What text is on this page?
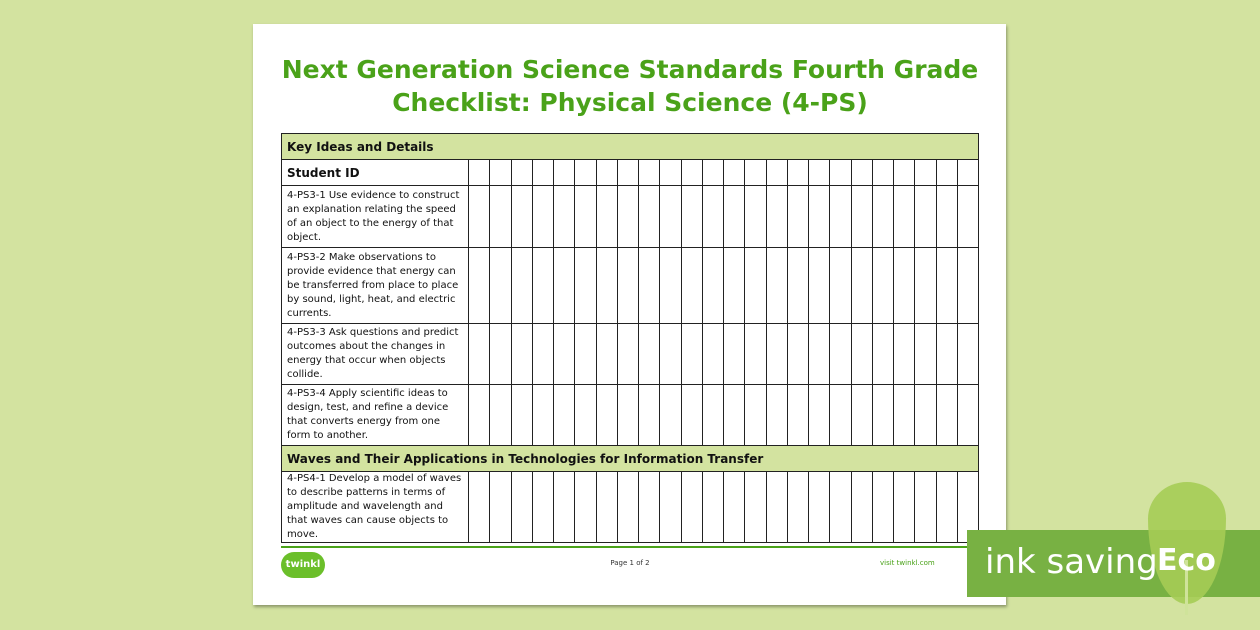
Next Generation Science Standards Fourth Grade
Checklist: Physical Science (4-PS)
Key Ideas and Details																								
Student ID																								
4-PS3-1 Use evidence to construct an explanation relating the speed of an object to the energy of that object.																								
4-PS3-2 Make observations to provide evidence that energy can be transferred from place to place by sound, light, heat, and electric currents.																								
4-PS3-3 Ask questions and predict outcomes about the changes in energy that occur when objects collide.																								
4-PS3-4 Apply scientific ideas to design, test, and refine a device that converts energy from one form to another.																								
Waves and Their Applications in Technologies for Information Transfer																								
4-PS4-1 Develop a model of waves to describe patterns in terms of amplitude and wavelength and that waves can cause objects to move.																								
twinkl	Page 1 of 2	visit twinkl.com ink saving Eco
